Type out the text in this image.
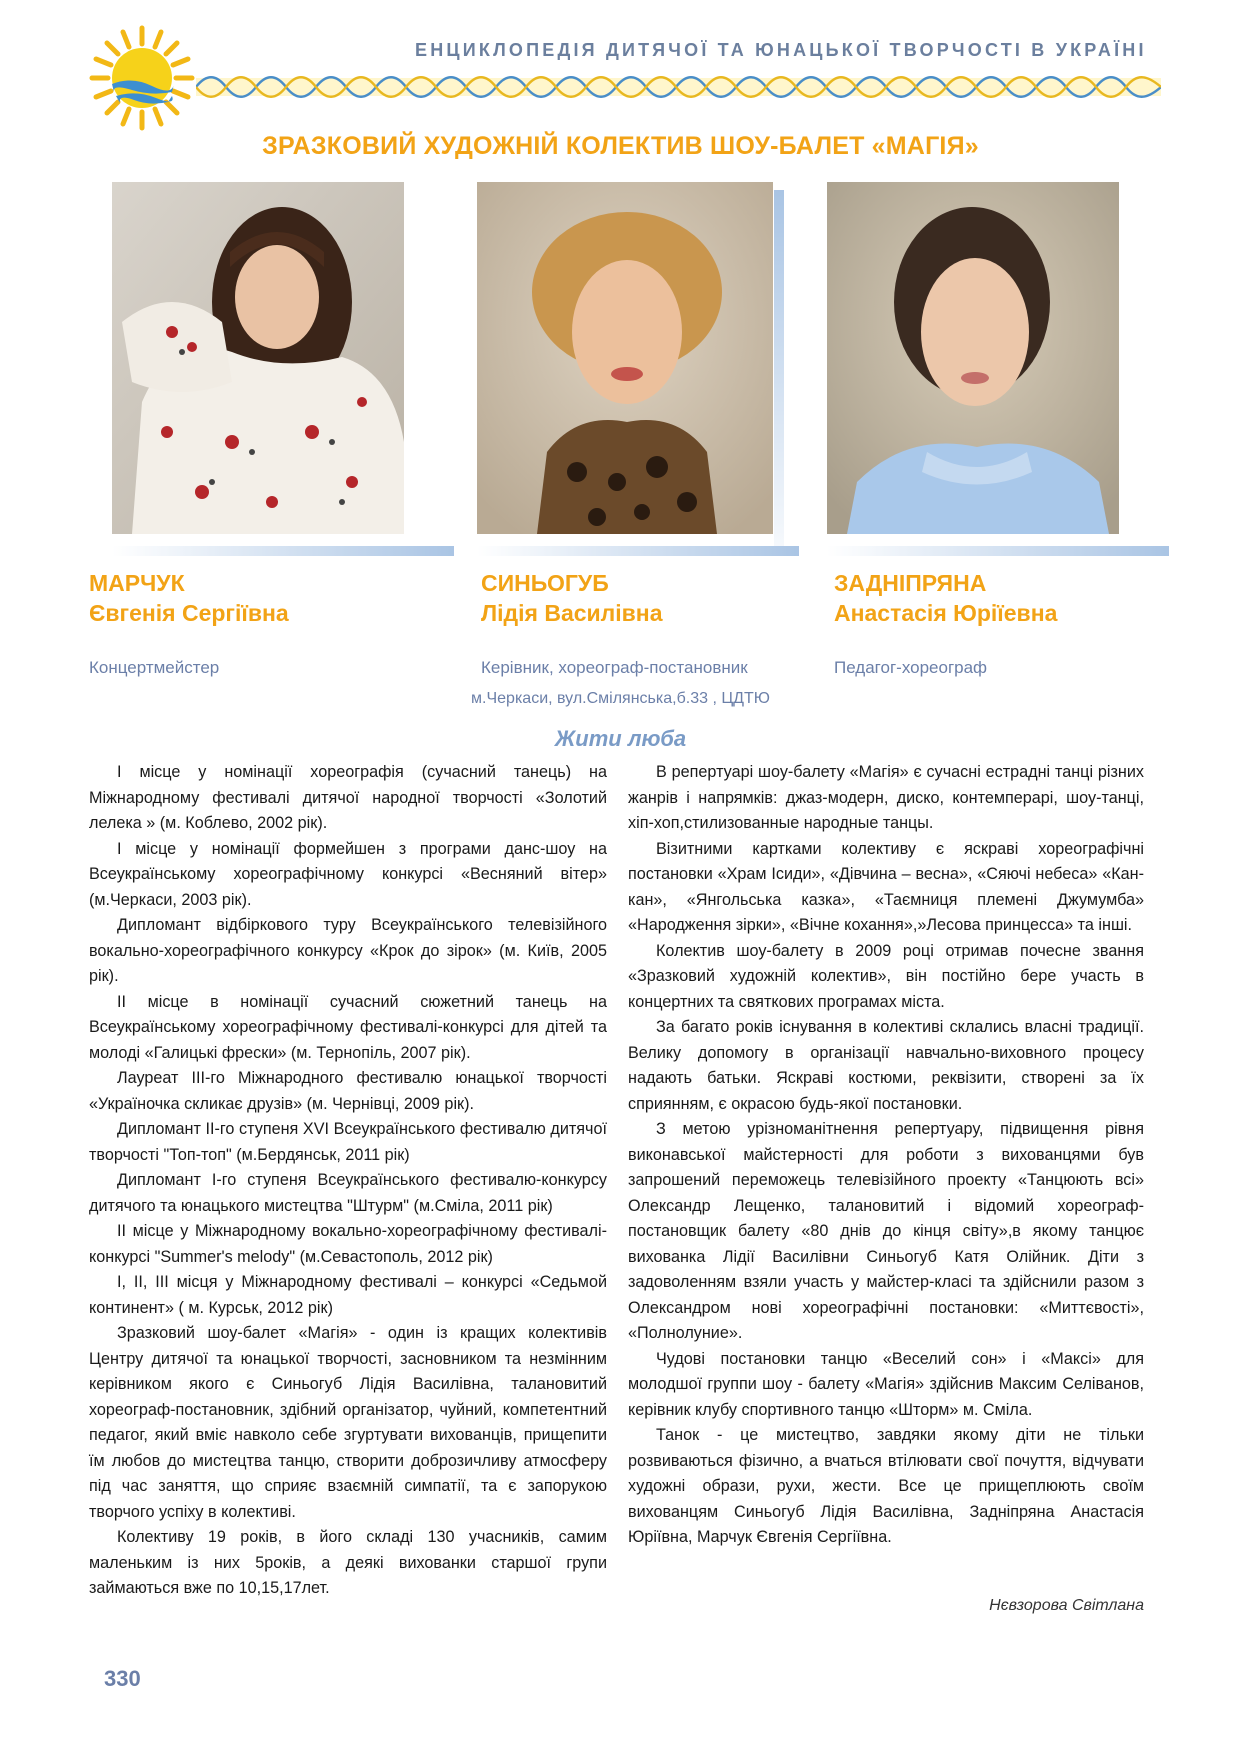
ЕНЦИКЛОПЕДІЯ ДИТЯЧОЇ ТА ЮНАЦЬКОЇ ТВОРЧОСТІ В УКРАЇНІ
ЗРАЗКОВИЙ ХУДОЖНІЙ КОЛЕКТИВ ШОУ-БАЛЕТ «МАГІЯ»
МАРЧУК
Євгенія Сергіївна
Концертмейстер
СИНЬОГУБ
Лідія Василівна
Керівник, хореограф-постановник
ЗАДНІПРЯНА
Анастасія Юріїевна
Педагог-хореограф
м.Черкаси, вул.Смілянська,б.33 , ЦДТЮ
Жити люба

І місце у номінації хореографія (сучасний танець) на Міжнародному фестивалі дитячої народної творчості «Золотий лелека » (м. Коблево, 2002 рік).

І місце у номінації формейшен з програми данс-шоу на Всеукраїнському хореографічному конкурсі «Весняний вітер» (м.Черкаси, 2003 рік).

Дипломант відбіркового туру Всеукраїнського телевізійного вокально-хореографічного конкурсу «Крок до зірок» (м. Київ, 2005 рік).

ІІ місце в номінації сучасний сюжетний танець на Всеукраїнському хореографічному фестивалі-конкурсі для дітей та молоді «Галицькі фрески» (м. Тернопіль, 2007 рік).

Лауреат ІІІ-го Міжнародного фестивалю юнацької творчості «Україночка скликає друзів» (м. Чернівці, 2009 рік).

Дипломант ІІ-го ступеня XVI Всеукраїнського фестивалю дитячої творчості "Топ-топ" (м.Бердянськ, 2011 рік)

Дипломант І-го ступеня Всеукраїнського фестивалю-конкурсу дитячого та юнацького мистецтва "Штурм" (м.Сміла, 2011 рік)

ІІ місце у Міжнародному вокально-хореографічному фестивалі-конкурсі "Summer's melody" (м.Севастополь, 2012 рік)

І, ІІ, ІІІ місця у Міжнародному фестивалі – конкурсі «Седьмой континент» ( м. Курськ, 2012 рік)

Зразковий шоу-балет «Магія» - один із кращих колективів Центру дитячої та юнацької творчості, засновником та незмінним керівником якого є Синьогуб Лідія Василівна, талановитий хореограф-постановник, здібний організатор, чуйний, компетентний педагог, який вміє навколо себе згуртувати вихованців, прищепити їм любов до мистецтва танцю, створити доброзичливу атмосферу під час заняття, що сприяє взаємній симпатії, та є запорукою творчого успіху в колективі.

Колективу 19 років, в його складі 130 учасників, самим маленьким із них 5років, а деякі вихованки старшої групи займаються вже по 10,15,17лет.

В репертуарі шоу-балету «Магія» є сучасні естрадні танці різних жанрів і напрямків: джаз-модерн, диско, контемперарі, шоу-танці, хіп-хоп,стилизованные народные танцы.

Візитними картками колективу є яскраві хореографічні постановки «Храм Ісиди», «Дівчина – весна», «Сяючі небеса» «Кан-кан», «Янгольська казка», «Таємниця племені Джумумба» «Народження зірки», «Вічне кохання»,»Лесова принцесса» та інші.

Колектив шоу-балету в 2009 році отримав почесне звання «Зразковий художній колектив», він постійно бере участь в концертних та святкових програмах міста.

За багато років існування в колективі склались власні традиції. Велику допомогу в організації навчально-виховного процесу надають батьки. Яскраві костюми, реквізити, створені за їх сприянням, є окрасою будь-якої постановки.

З метою урізноманітнення репертуару, підвищення рівня виконавської майстерності для роботи з вихованцями був запрошений переможець телевізійного проекту «Танцюють всі» Олександр Лещенко, талановитий і відомий хореограф-постановщик балету «80 днів до кінця світу»,в якому танцює вихованка Лідії Василівни Синьогуб Катя Олійник. Діти з задоволенням взяли участь у майстер-класі та здійснили разом з Олександром нові хореографічні постановки: «Миттєвості», «Полнолуние».

Чудові постановки танцю «Веселий сон» і «Максі» для молодшої группи шоу - балету «Магія» здійснив Максим Селіванов, керівник клубу спортивного танцю «Шторм» м. Сміла.

Танок - це мистецтво, завдяки якому діти не тільки розвиваються фізично, а вчаться втілювати свої почуття, відчувати художні образи, рухи, жести. Все це прищеплюють своїм вихованцям Синьогуб Лідія Василівна, Задніпряна Анастасія Юріївна, Марчук Євгенія Сергіївна.

Нєвзорова Світлана
330
